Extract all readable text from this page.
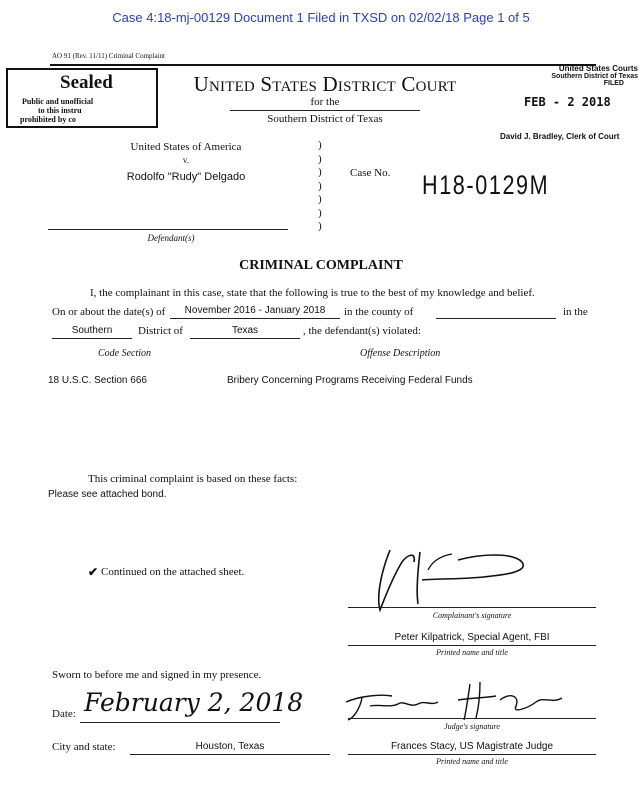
Case 4:18-mj-00129 Document 1 Filed in TXSD on 02/02/18 Page 1 of 5
AO 91 (Rev. 11/11) Criminal Complaint
Sealed
Public and unofficial
to this instru
prohibited by co
United States District Court
for the
Southern District of Texas
United States Courts
Southern District of Texas
FILED
FEB - 2 2018
David J. Bradley, Clerk of Court
United States of America
v.
Rodolfo "Rudy" Delgado
)
)
)
)
)
)
)
Defendant(s)
Case No. H18-0129M
CRIMINAL COMPLAINT
I, the complainant in this case, state that the following is true to the best of my knowledge and belief.
On or about the date(s) of	November 2016 - January 2018	in the county of	in the
Southern	District of	Texas	, the defendant(s) violated:
Code Section	Offense Description
18 U.S.C. Section 666	Bribery Concerning Programs Receiving Federal Funds
This criminal complaint is based on these facts:
Please see attached bond.
✔ Continued on the attached sheet.
Complainant's signature
Peter Kilpatrick, Special Agent, FBI
Printed name and title
Sworn to before me and signed in my presence.
Date: February 2, 2018
City and state:	Houston, Texas
Judge's signature
Frances Stacy, US Magistrate Judge
Printed name and title
